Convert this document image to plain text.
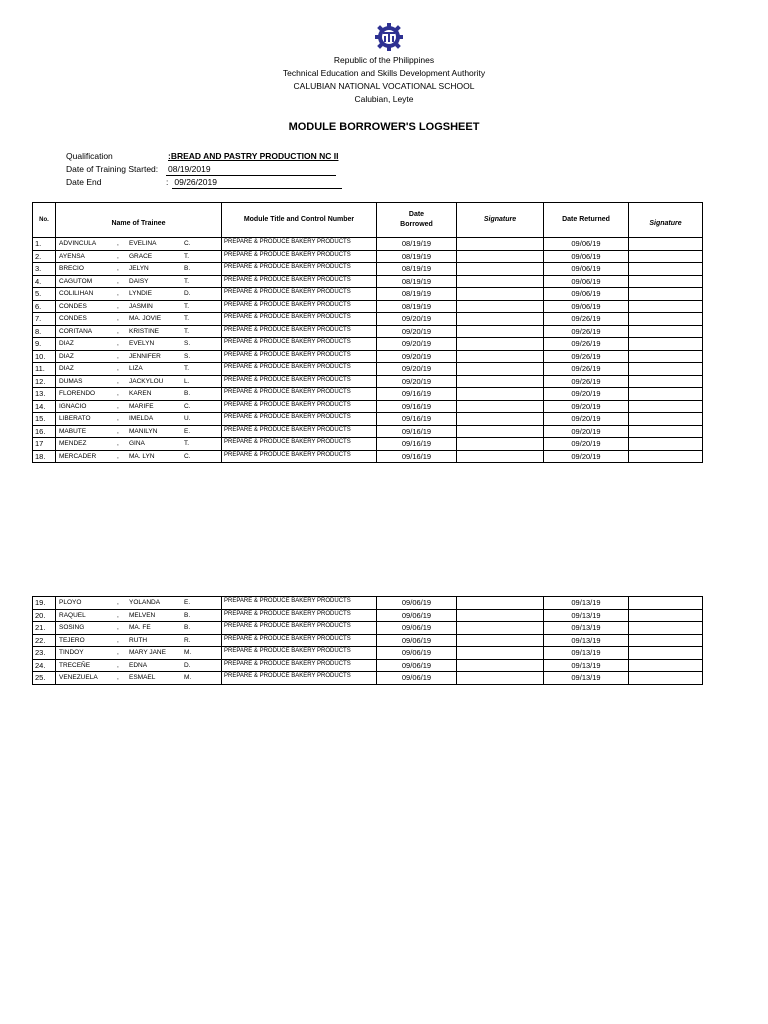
Republic of the Philippines
Technical Education and Skills Development Authority
CALUBIAN NATIONAL VOCATIONAL SCHOOL
Calubian, Leyte
MODULE BORROWER'S LOGSHEET
Qualification	:BREAD AND PASTRY PRODUCTION NC II
Date of Training Started: 08/19/2019
Date End	: 09/26/2019
No.	Name of Trainee	Module Title and Control Number	Date
Borrowed	Signature	Date Returned	Signature
1.	ADVINCULA , EVELINA C.	PREPARE & PRODUCE BAKERY PRODUCTS	08/19/19		09/06/19	
2.	AYENSA , GRACE T.	PREPARE & PRODUCE BAKERY PRODUCTS	08/19/19		09/06/19	
3.	BRECIO , JELYN B.	PREPARE & PRODUCE BAKERY PRODUCTS	08/19/19		09/06/19	
4.	CAGUTOM , DAISY T.	PREPARE & PRODUCE BAKERY PRODUCTS	08/19/19		09/06/19	
5.	COLILIHAN , LYNDIE D.	PREPARE & PRODUCE BAKERY PRODUCTS	08/19/19		09/06/19	
6.	CONDES , JASMIN T.	PREPARE & PRODUCE BAKERY PRODUCTS	08/19/19		09/06/19	
7.	CONDES , MA. JOVIE T.	PREPARE & PRODUCE BAKERY PRODUCTS	09/20/19		09/26/19	
8.	CORITANA , KRISTINE T.	PREPARE & PRODUCE BAKERY PRODUCTS	09/20/19		09/26/19	
9.	DIAZ , EVELYN S.	PREPARE & PRODUCE BAKERY PRODUCTS	09/20/19		09/26/19	
10.	DIAZ , JENNIFER S.	PREPARE & PRODUCE BAKERY PRODUCTS	09/20/19		09/26/19	
11.	DIAZ , LIZA T.	PREPARE & PRODUCE BAKERY PRODUCTS	09/20/19		09/26/19	
12.	DUMAS , JACKYLOU L.	PREPARE & PRODUCE BAKERY PRODUCTS	09/20/19		09/26/19	
13.	FLORENDO , KAREN B.	PREPARE & PRODUCE BAKERY PRODUCTS	09/16/19		09/20/19	
14.	IGNACIO , MARIFE C.	PREPARE & PRODUCE BAKERY PRODUCTS	09/16/19		09/20/19	
15.	LIBERATO , IMELDA U.	PREPARE & PRODUCE BAKERY PRODUCTS	09/16/19		09/20/19	
16.	MABUTE , MANILYN E.	PREPARE & PRODUCE BAKERY PRODUCTS	09/16/19		09/20/19	
17	MENDEZ , GINA T.	PREPARE & PRODUCE BAKERY PRODUCTS	09/16/19		09/20/19	
18.	MERCADER , MA. LYN C.	PREPARE & PRODUCE BAKERY PRODUCTS	09/16/19		09/20/19	
19.	PLOYO , YOLANDA E.	PREPARE & PRODUCE BAKERY PRODUCTS	09/06/19		09/13/19	
20.	RAQUEL , MELVEN B.	PREPARE & PRODUCE BAKERY PRODUCTS	09/06/19		09/13/19	
21.	SOSING , MA. FE B.	PREPARE & PRODUCE BAKERY PRODUCTS	09/06/19		09/13/19	
22.	TEJERO , RUTH R.	PREPARE & PRODUCE BAKERY PRODUCTS	09/06/19		09/13/19	
23.	TINDOY , MARY JANE M.	PREPARE & PRODUCE BAKERY PRODUCTS	09/06/19		09/13/19	
24.	TRECEÑE , EDNA D.	PREPARE & PRODUCE BAKERY PRODUCTS	09/06/19		09/13/19	
25.	VENEZUELA , ESMAEL M.	PREPARE & PRODUCE BAKERY PRODUCTS	09/06/19		09/13/19	
